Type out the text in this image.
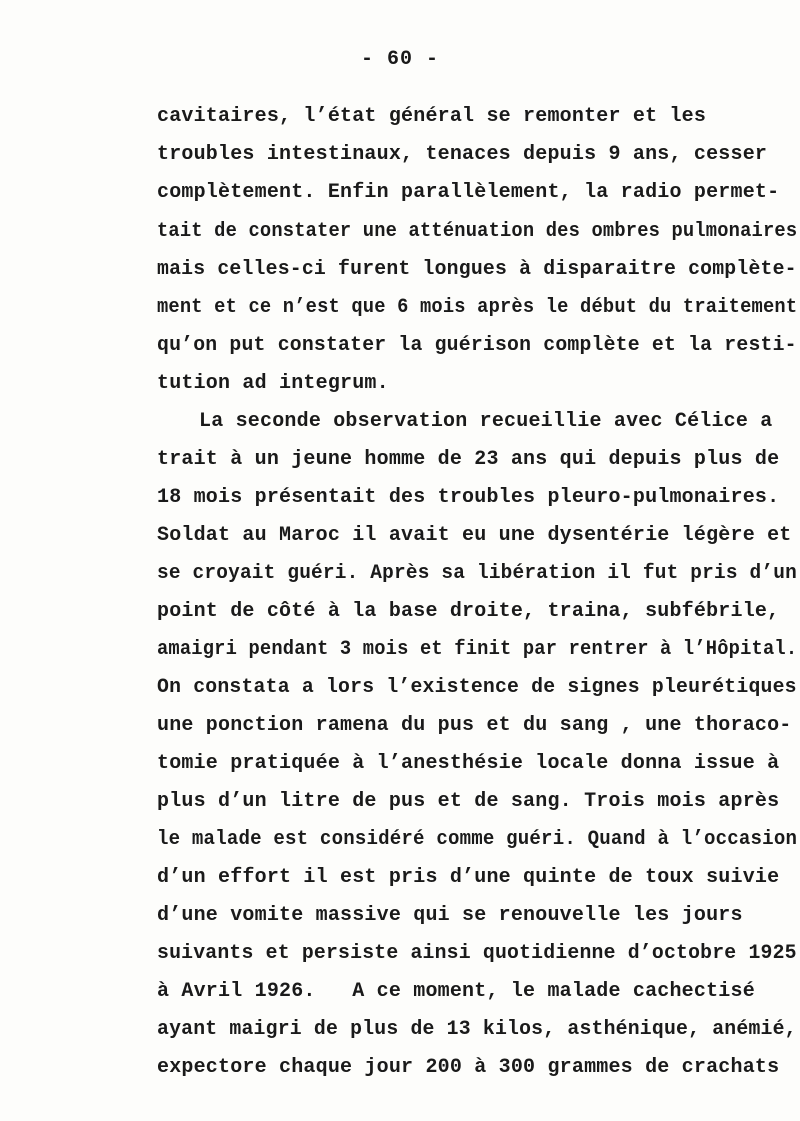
- 60 -
cavitaires, l’état général se remonter et les
troubles intestinaux, tenaces depuis 9 ans, cesser
complètement. Enfin parallèlement, la radio permet-
tait de constater une atténuation des ombres pulmonaires
mais celles-ci furent longues à disparaitre complète-
ment et ce n’est que 6 mois après le début du traitement
qu’on put constater la guérison complète et la resti-
tution ad integrum.
La seconde observation recueillie avec Célice a
trait à un jeune homme de 23 ans qui depuis plus de
18 mois présentait des troubles pleuro-pulmonaires.
Soldat au Maroc il avait eu une dysentérie légère et
se croyait guéri. Après sa libération il fut pris d’un
point de côté à la base droite, traina, subfébrile,
amaigri pendant 3 mois et finit par rentrer à l’Hôpital.
On constata a lors l’existence de signes pleurétiques
une ponction ramena du pus et du sang , une thoraco-
tomie pratiquée à l’anesthésie locale donna issue à
plus d’un litre de pus et de sang. Trois mois après
le malade est considéré comme guéri. Quand à l’occasion
d’un effort il est pris d’une quinte de toux suivie
d’une vomite massive qui se renouvelle les jours
suivants et persiste ainsi quotidienne d’octobre 1925
à Avril 1926.   A ce moment, le malade cachectisé
ayant maigri de plus de 13 kilos, asthénique, anémié,
expectore chaque jour 200 à 300 grammes de crachats
